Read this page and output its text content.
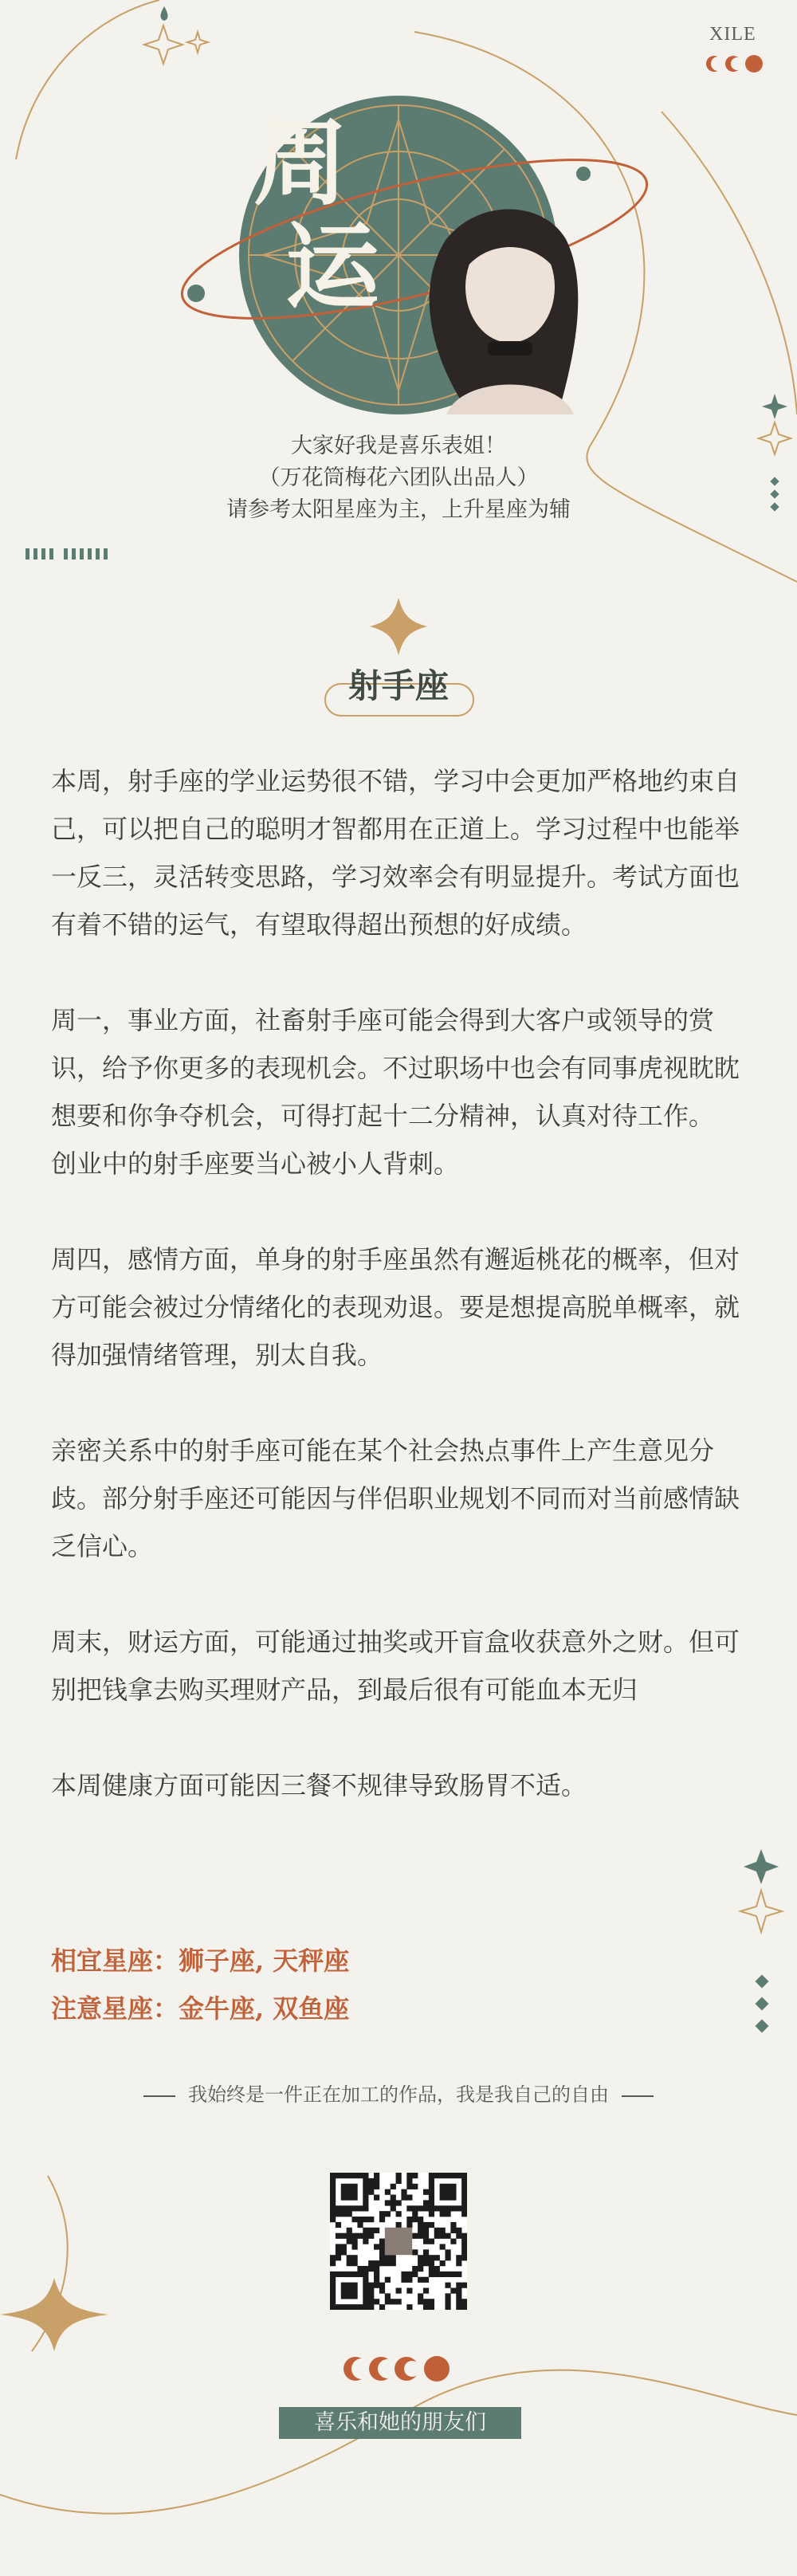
周
运
XILE
大家好我是喜乐表姐！
（万花筒梅花六团队出品人）
请参考太阳星座为主，上升星座为辅
射手座

本周，射手座的学业运势很不错，学习中会更加严格地约束自己，可以把自己的聪明才智都用在正道上。学习过程中也能举一反三，灵活转变思路，学习效率会有明显提升。考试方面也有着不错的运气，有望取得超出预想的好成绩。

周一，事业方面，社畜射手座可能会得到大客户或领导的赏识，给予你更多的表现机会。不过职场中也会有同事虎视眈眈想要和你争夺机会，可得打起十二分精神，认真对待工作。

创业中的射手座要当心被小人背刺。

周四，感情方面，单身的射手座虽然有邂逅桃花的概率，但对方可能会被过分情绪化的表现劝退。要是想提高脱单概率，就得加强情绪管理，别太自我。

亲密关系中的射手座可能在某个社会热点事件上产生意见分歧。部分射手座还可能因与伴侣职业规划不同而对当前感情缺乏信心。

周末，财运方面，可能通过抽奖或开盲盒收获意外之财。但可别把钱拿去购买理财产品，到最后很有可能血本无归

本周健康方面可能因三餐不规律导致肠胃不适。

相宜星座：狮子座, 天秤座
注意星座：金牛座, 双鱼座
我始终是一件正在加工的作品，我是我自己的自由
喜乐和她的朋友们
